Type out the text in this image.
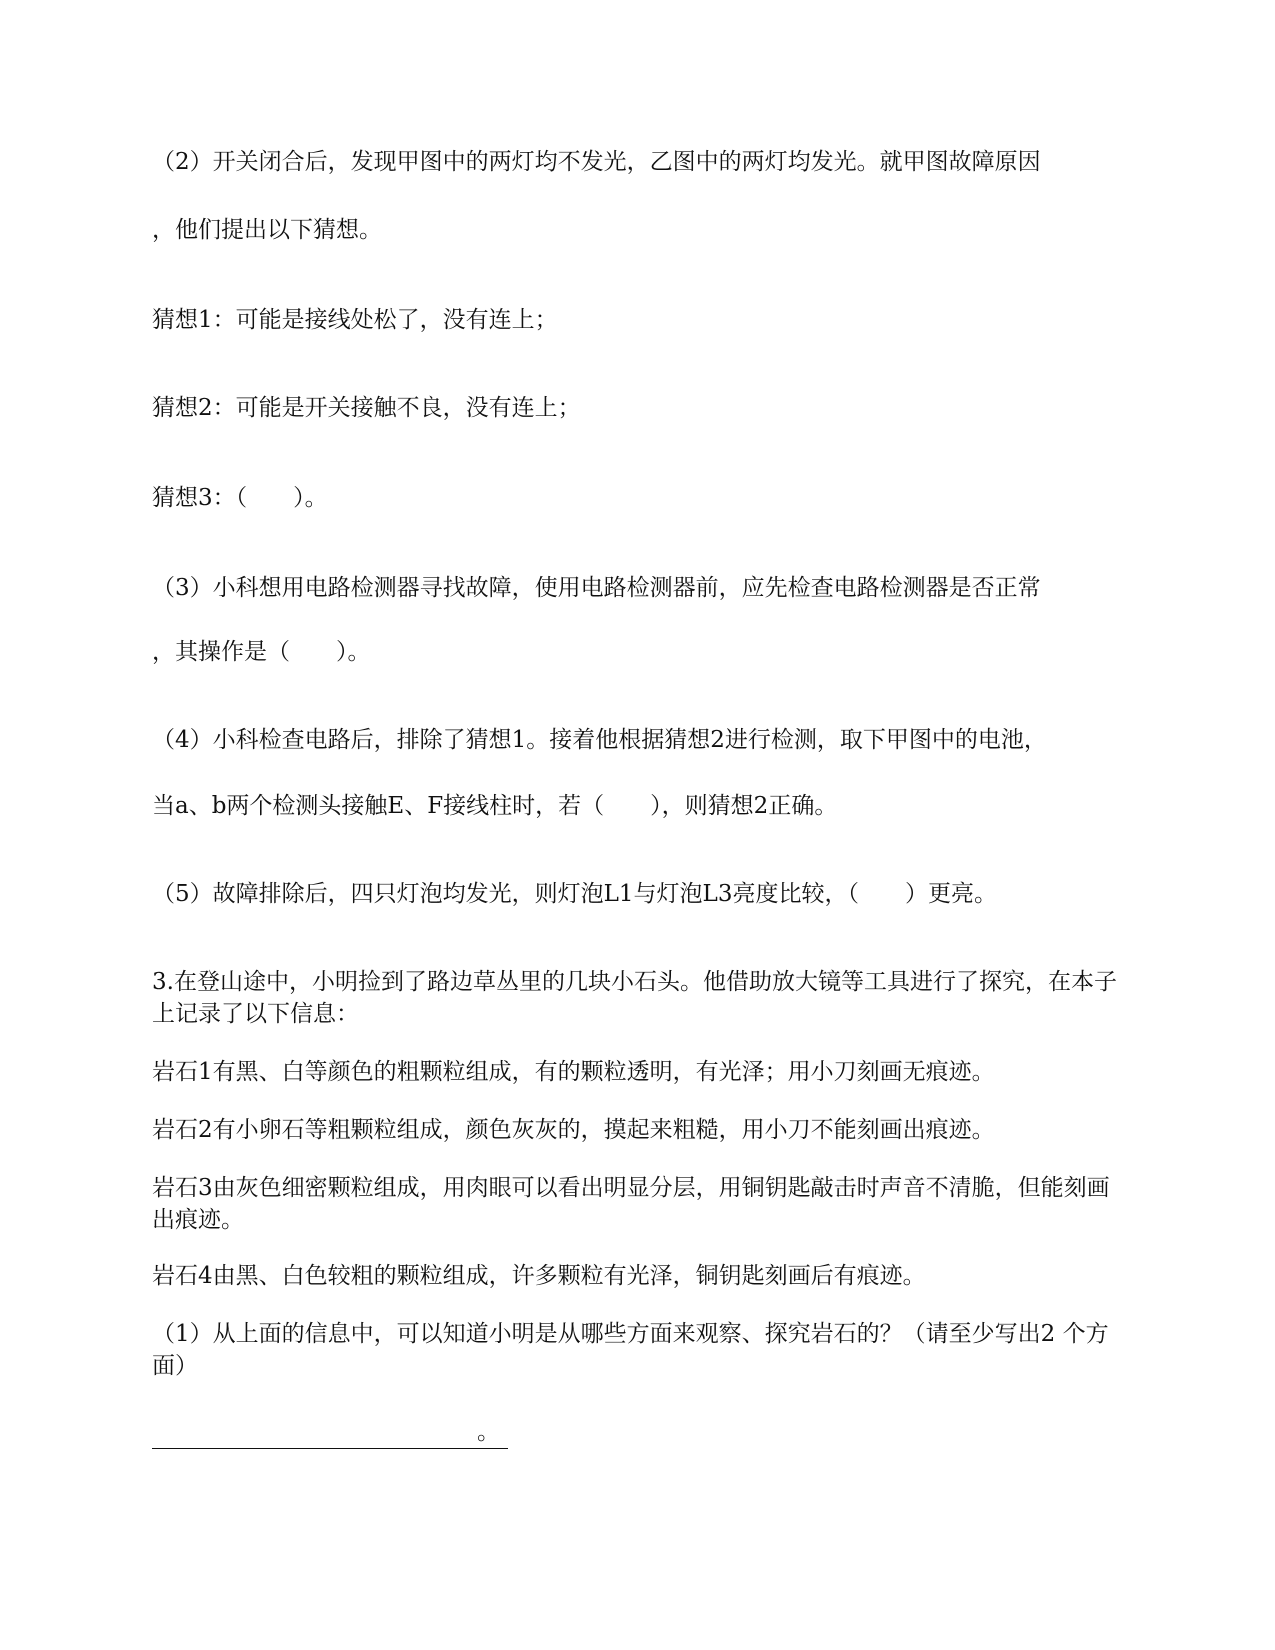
（2）开关闭合后，发现甲图中的两灯均不发光，乙图中的两灯均发光。就甲图故障原因
，他们提出以下猜想。
猜想1：可能是接线处松了，没有连上；
猜想2：可能是开关接触不良，没有连上；
猜想3：（　　）。
（3）小科想用电路检测器寻找故障，使用电路检测器前，应先检查电路检测器是否正常
，其操作是（　　）。
（4）小科检查电路后，排除了猜想1。接着他根据猜想2进行检测，取下甲图中的电池，
当a、b两个检测头接触E、F接线柱时，若（　　），则猜想2正确。
（5）故障排除后，四只灯泡均发光，则灯泡L1与灯泡L3亮度比较，（　　）更亮。
3.在登山途中，小明捡到了路边草丛里的几块小石头。他借助放大镜等工具进行了探究，在本子上记录了以下信息：
岩石1有黑、白等颜色的粗颗粒组成，有的颗粒透明，有光泽；用小刀刻画无痕迹。
岩石2有小卵石等粗颗粒组成，颜色灰灰的，摸起来粗糙，用小刀不能刻画出痕迹。
岩石3由灰色细密颗粒组成，用肉眼可以看出明显分层，用铜钥匙敲击时声音不清脆，但能刻画出痕迹。
岩石4由黑、白色较粗的颗粒组成，许多颗粒有光泽，铜钥匙刻画后有痕迹。
（1）从上面的信息中，可以知道小明是从哪些方面来观察、探究岩石的？（请至少写出2 个方面）
。
